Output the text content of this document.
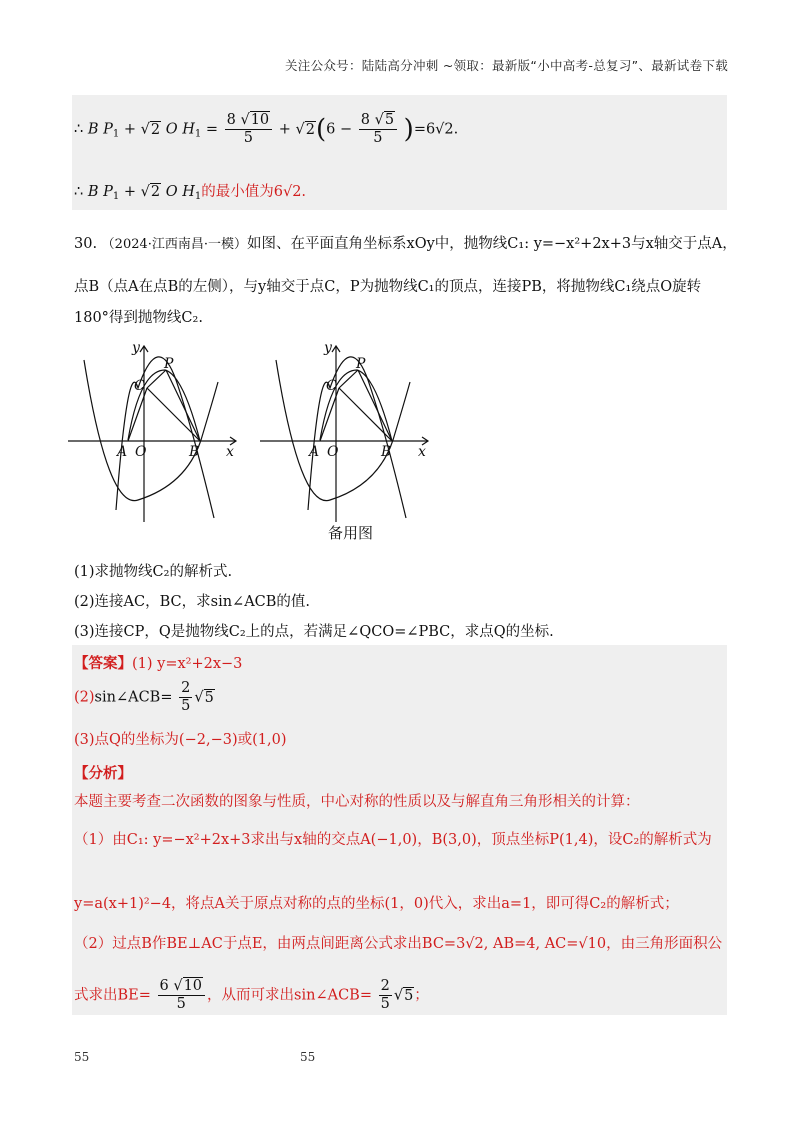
关注公众号：陆陆高分冲刺 ~领取：最新版“小中高考-总复习”、最新试卷下载
∴ B $P_1 + √2$ O $H_1 = \frac{8 √10}{5} + √2(6 - \frac{8 √5}{5} )=6√2$.
∴ B $P_1 + √2$ O $H_1$的最小值为6√2.
30. （2024·江西南昌·一模）如图、在平面直角坐标系xOy中，抛物线C₁: y=−x²+2x+3与x轴交于点A，
点B（点A在点B的左侧），与y轴交于点C，P为抛物线C₁的顶点，连接PB，将抛物线C₁绕点O旋转
180°得到抛物线C₂.
y
x
P
C
A O	B
y
x
P
C
A O	B
备用图
(1)求抛物线C₂的解析式.
(2)连接AC，BC，求sin∠ACB的值.
(3)连接CP，Q是抛物线C₂上的点，若满足∠QCO=∠PBC，求点Q的坐标.
【答案】(1) y=x²+2x−3
(2)sin∠ACB= $\frac{2}{5} √5$
(3)点Q的坐标为(−2,−3)或(1,0)
【分析】
本题主要考查二次函数的图象与性质，中心对称的性质以及与解直角三角形相关的计算：
（1）由C₁: y=−x²+2x+3求出与x轴的交点A(−1,0)，B(3,0)，顶点坐标P(1,4)，设C₂的解析式为
y=a(x+1)²−4，将点A关于原点对称的点的坐标(1，0)代入，求出a=1，即可得C₂的解析式；
（2）过点B作BE⊥AC于点E，由两点间距离公式求出BC=3√2, AB=4, AC=√10，由三角形面积公
式求出$BE= \frac{6 √10}{5}$ ，从而可求出sin∠ACB= $\frac{2}{5} √5$；
55	55
